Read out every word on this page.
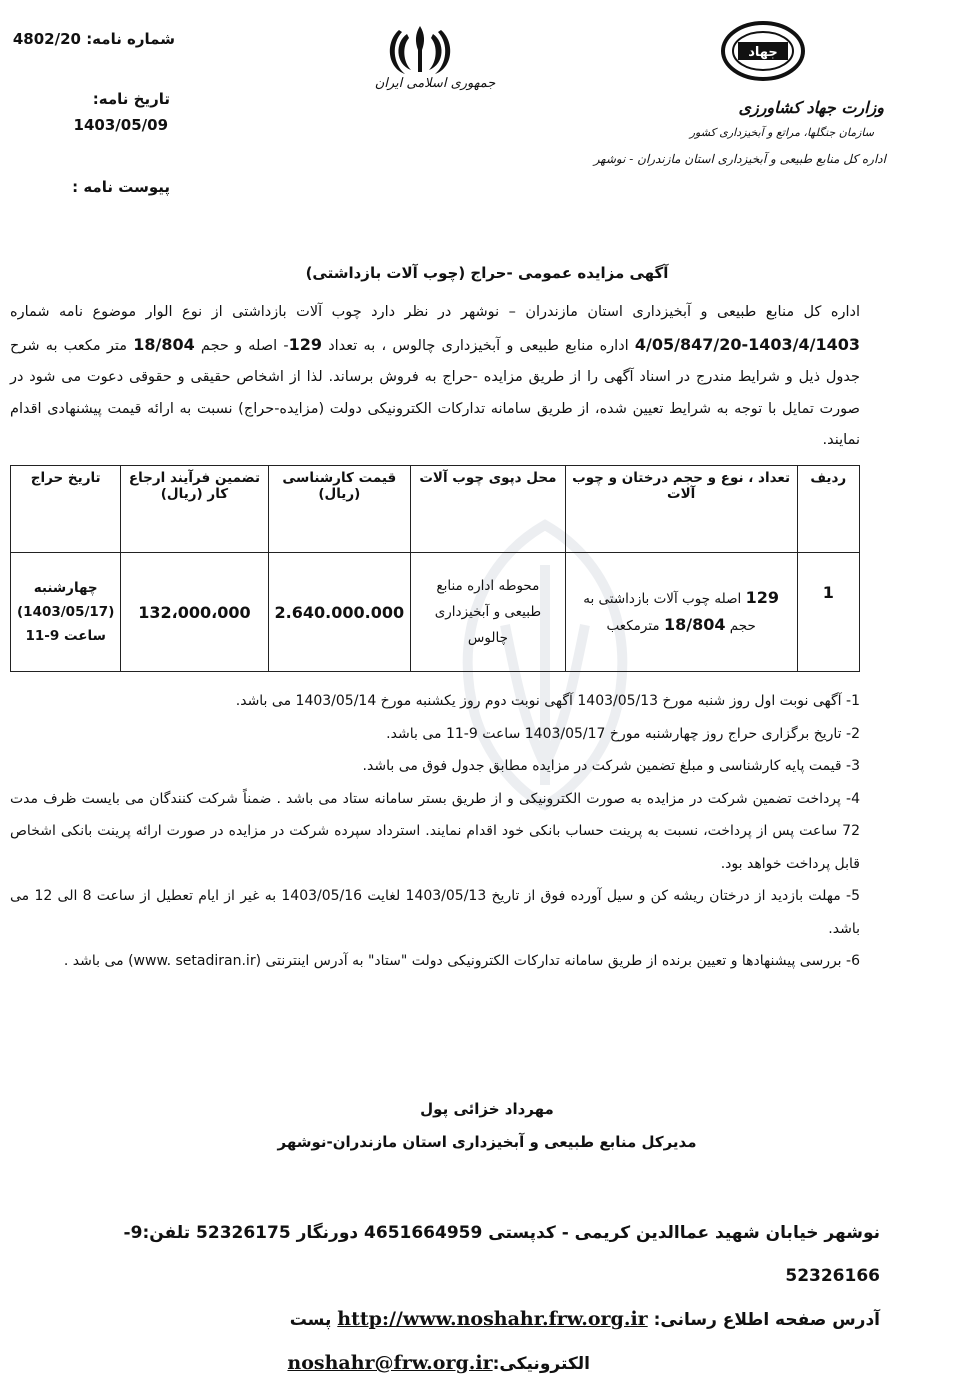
شماره نامه: 4802/20
تاریخ نامه:
1403/05/09
پیوست نامه :
جمهوری اسلامی ایران
جهاد
وزارت جهاد کشاورزی
سازمان جنگلها، مراتع و آبخیزداری کشور
اداره کل منابع طبیعی و آبخیزداری استان مازندران - نوشهر
آگهی مزایده عمومی -حراج (چوب آلات بازداشتی)
اداره کل منابع طبیعی و آبخیزداری استان مازندران – نوشهر در نظر دارد چوب آلات بازداشتی از نوع الوار موضوع نامه شماره 1403/4/1403-4/05/847/20 اداره منابع طبیعی و آبخیزداری چالوس ، به تعداد 129- اصله و حجم 18/804 متر مکعب به شرح جدول ذیل و شرایط مندرج در اسناد آگهی را از طریق مزایده -حراج به فروش برساند. لذا از اشخاص حقیقی و حقوقی دعوت می شود در صورت تمایل با توجه به شرایط تعیین شده، از طریق سامانه تدارکات الکترونیکی دولت (مزایده-حراج) نسبت به ارائه قیمت پیشنهادی اقدام نمایند.
ردیف	تعداد ، نوع و حجم درختان و چوب آلات	محل دپوی چوب آلات	قیمت کارشناسی (ریال)	تضمین فرآیند ارجاع کار (ریال)	تاریخ حراج
1	129 اصله چوب آلات بازداشتی به حجم 18/804 مترمکعب	محوطه اداره منابع طبیعی و آبخیزداری چالوس	2.640.000.000	132،000،000	چهارشنبه
(1403/05/17)
ساعت 9-11

1- آگهی نوبت اول روز شنبه مورخ 1403/05/13 آگهی نوبت دوم روز یکشنبه مورخ 1403/05/14 می باشد.

2- تاریخ برگزاری حراج روز چهارشنبه مورخ 1403/05/17 ساعت 9-11 می باشد.

3- قیمت پایه کارشناسی و مبلغ تضمین شرکت در مزایده مطابق جدول فوق می باشد.

4- پرداخت تضمین شرکت در مزایده به صورت الکترونیکی و از طریق بستر سامانه ستاد می باشد . ضمناً شرکت کنندگان می بایست ظرف مدت 72 ساعت پس از پرداخت، نسبت به پرینت حساب بانکی خود اقدام نمایند. استرداد سپرده شرکت در مزایده در صورت ارائه پرینت بانکی اشخاص قابل پرداخت خواهد بود.

5- مهلت بازدید از درختان ریشه کن و سیل آورده فوق از تاریخ 1403/05/13 لغایت 1403/05/16 به غیر از ایام تعطیل از ساعت 8 الی 12 می باشد.

6- بررسی پیشنهادها و تعیین برنده از طریق سامانه تدارکات الکترونیکی دولت "ستاد" به آدرس اینترنتی (www. setadiran.ir) می باشد .

مهرداد خزائی پول
مدیرکل منابع طبیعی و آبخیزداری استان مازندران-نوشهر
نوشهر خیابان شهید عماالدین کریمی - کدپستی 4651664959 دورنگار 52326175 تلفن:9-52326166
آدرس صفحه اطلاع رسانی: http://www.noshahr.frw.org.ir پست
الکترونیکی:noshahr@frw.org.ir
